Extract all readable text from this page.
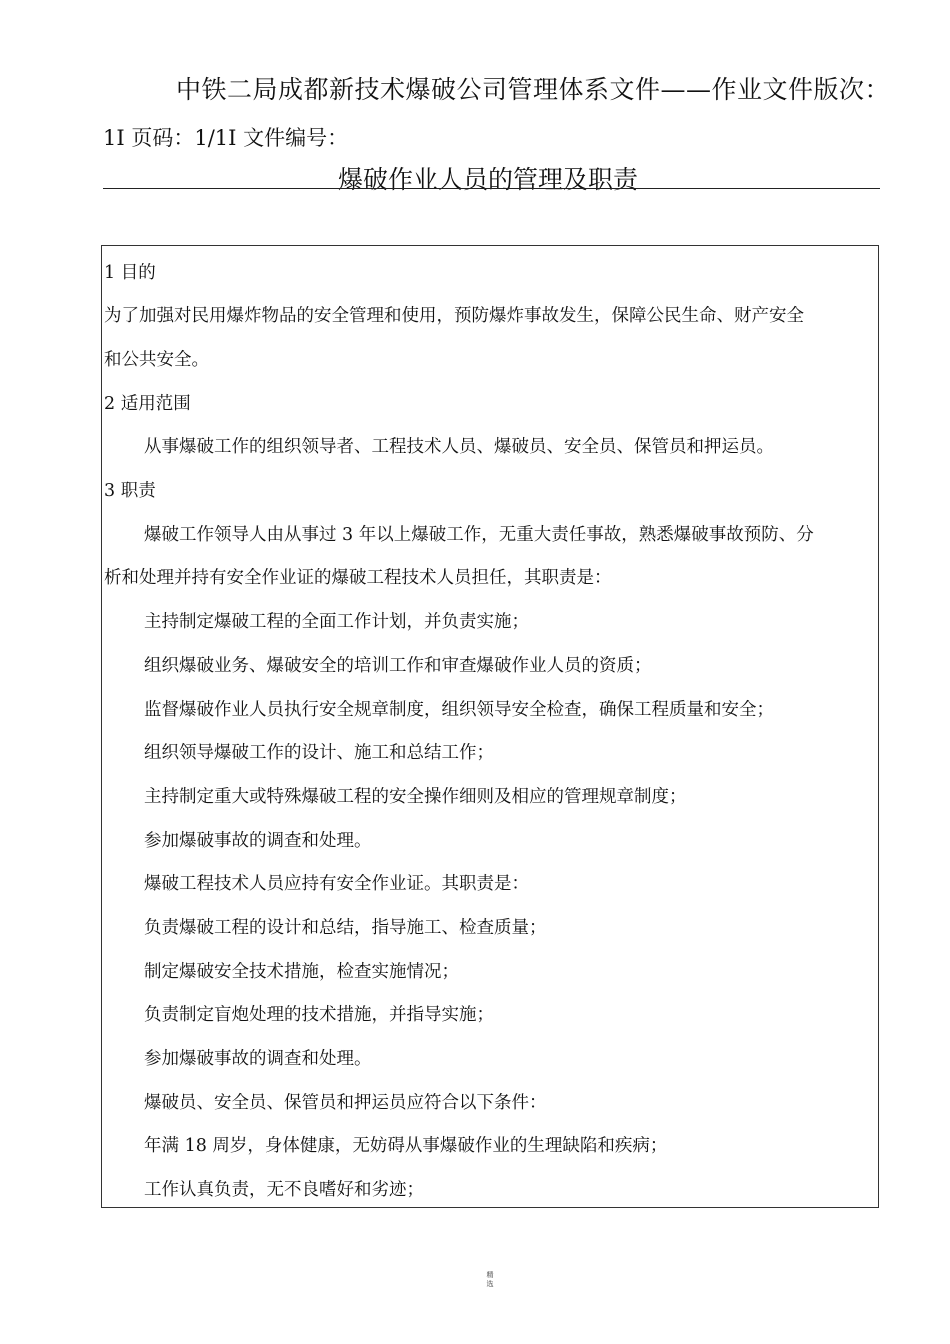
中铁二局成都新技术爆破公司管理体系文件——作业文件版次：
1I 页码：1/1I 文件编号：
爆破作业人员的管理及职责
1 目的
为了加强对民用爆炸物品的安全管理和使用，预防爆炸事故发生，保障公民生命、财产安全
和公共安全。
2 适用范围
从事爆破工作的组织领导者、工程技术人员、爆破员、安全员、保管员和押运员。
3 职责
爆破工作领导人由从事过 3 年以上爆破工作，无重大责任事故，熟悉爆破事故预防、分
析和处理并持有安全作业证的爆破工程技术人员担任，其职责是：
主持制定爆破工程的全面工作计划，并负责实施；
组织爆破业务、爆破安全的培训工作和审查爆破作业人员的资质；
监督爆破作业人员执行安全规章制度，组织领导安全检查，确保工程质量和安全；
组织领导爆破工作的设计、施工和总结工作；
主持制定重大或特殊爆破工程的安全操作细则及相应的管理规章制度；
参加爆破事故的调查和处理。
爆破工程技术人员应持有安全作业证。其职责是：
负责爆破工程的设计和总结，指导施工、检查质量；
制定爆破安全技术措施，检查实施情况；
负责制定盲炮处理的技术措施，并指导实施；
参加爆破事故的调查和处理。
爆破员、安全员、保管员和押运员应符合以下条件：
年满 18 周岁，身体健康，无妨碍从事爆破作业的生理缺陷和疾病；
工作认真负责，无不良嗜好和劣迹；
精
选
